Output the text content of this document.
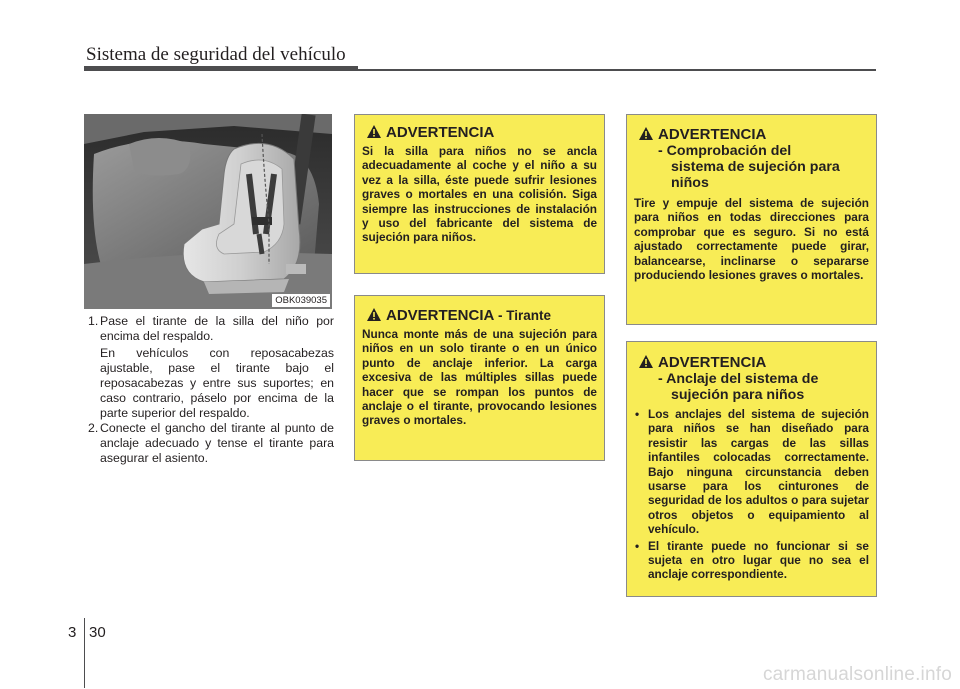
Sistema de seguridad del vehículo
OBK039035
1. Pase el tirante de la silla del niño por encima del respaldo.
En vehículos con reposacabezas ajustable, pase el tirante bajo el reposacabezas y entre sus suportes; en caso contrario, páselo por encima de la parte superior del respaldo.
2. Conecte el gancho del tirante al punto de anclaje adecuado y tense el tirante para asegurar el asiento.
ADVERTENCIA
Si la silla para niños no se ancla adecuadamente al coche y el niño a su vez a la silla, éste puede sufrir lesiones graves o mortales en una colisión. Siga siempre las instrucciones de instalación y uso del fabricante del sistema de sujeción para niños.
ADVERTENCIA - Tirante
Nunca monte más de una sujeción para niños en un solo tirante o en un único punto de anclaje inferior. La carga excesiva de las múltiples sillas puede hacer que se rompan los puntos de anclaje o el tirante, provocando lesiones graves o mortales.
ADVERTENCIA
- Comprobación del
sistema de sujeción para niños
Tire y empuje del sistema de sujeción para niños en todas direcciones para comprobar que es seguro. Si no está ajustado correctamente puede girar, balancearse, inclinarse o separarse produciendo lesiones graves o mortales.
ADVERTENCIA
- Anclaje del sistema de
sujeción para niños
• Los anclajes del sistema de sujeción para niños se han diseñado para resistir las cargas de las sillas infantiles colocadas correctamente. Bajo ninguna circunstancia deben usarse para los cinturones de seguridad de los adultos o para sujetar otros objetos o equipamiento al vehículo.
• El tirante puede no funcionar si se sujeta en otro lugar que no sea el anclaje correspondiente.
3 30
carmanualsonline.info
